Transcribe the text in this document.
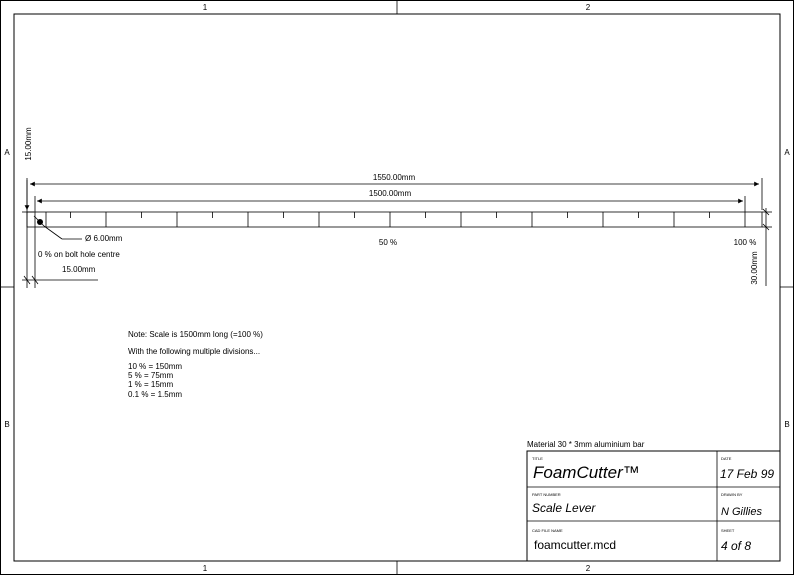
1	2
1	2
A	A
B	B
1550.00mm
1500.00mm
15.00mm
15.00mm	30.00mm
Ø 6.00mm
0 % on bolt hole centre
50 %	100 %
Note: Scale is 1500mm long (=100 %)
With the following multiple divisions...
10 % = 150mm
5 % = 75mm
1 % = 15mm
0.1 % = 1.5mm
Material 30 * 3mm aluminium bar
TITLE
FoamCutter™
DATE
17 Feb 99
PART NUMBER
Scale Lever
DRAWN BY
N Gillies
CAD FILE NAME
foamcutter.mcd
SHEET
4 of 8
